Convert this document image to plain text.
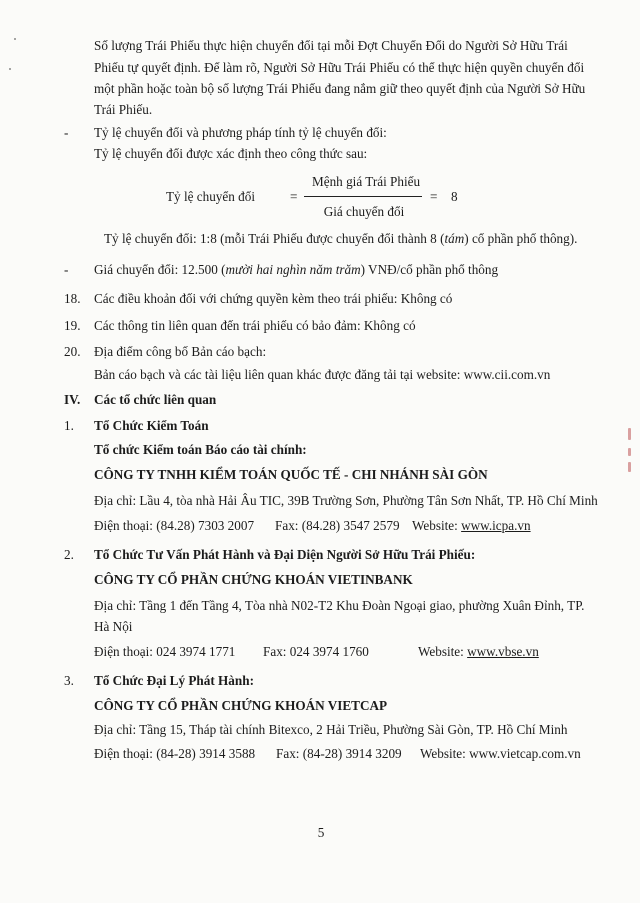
Số lượng Trái Phiếu thực hiện chuyển đổi tại mỗi Đợt Chuyển Đổi do Người Sở Hữu Trái
Phiếu tự quyết định. Để làm rõ, Người Sở Hữu Trái Phiếu có thể thực hiện quyền chuyển đổi
một phần hoặc toàn bộ số lượng Trái Phiếu đang nắm giữ theo quyết định của Người Sở Hữu
Trái Phiếu.
- Tỷ lệ chuyển đổi và phương pháp tính tỷ lệ chuyển đổi:
Tỷ lệ chuyển đổi được xác định theo công thức sau:
Tỷ lệ chuyển đổi	=
Mệnh giá Trái Phiếu
Giá chuyển đổi
= 8
Tỷ lệ chuyển đổi: 1:8 (mỗi Trái Phiếu được chuyển đổi thành 8 (tám) cổ phần phổ thông).
- Giá chuyển đổi: 12.500 (mười hai nghìn năm trăm) VNĐ/cổ phần phổ thông
18. Các điều khoản đối với chứng quyền kèm theo trái phiếu: Không có
19. Các thông tin liên quan đến trái phiếu có bảo đảm: Không có
20. Địa điểm công bố Bản cáo bạch:
Bản cáo bạch và các tài liệu liên quan khác được đăng tải tại website: www.cii.com.vn
IV. Các tổ chức liên quan
1. Tổ Chức Kiểm Toán
Tổ chức Kiểm toán Báo cáo tài chính:
CÔNG TY TNHH KIỂM TOÁN QUỐC TẾ - CHI NHÁNH SÀI GÒN
Địa chỉ: Lầu 4, tòa nhà Hải Âu TIC, 39B Trường Sơn, Phường Tân Sơn Nhất, TP. Hồ Chí Minh
Điện thoại: (84.28) 7303 2007 Fax: (84.28) 3547 2579 Website: www.icpa.vn
2. Tổ Chức Tư Vấn Phát Hành và Đại Diện Người Sở Hữu Trái Phiếu:
CÔNG TY CỔ PHẦN CHỨNG KHOÁN VIETINBANK
Địa chỉ: Tầng 1 đến Tầng 4, Tòa nhà N02-T2 Khu Đoàn Ngoại giao, phường Xuân Đỉnh, TP.
Hà Nội
Điện thoại: 024 3974 1771 Fax: 024 3974 1760	Website: www.vbse.vn
3. Tổ Chức Đại Lý Phát Hành:
CÔNG TY CỔ PHẦN CHỨNG KHOÁN VIETCAP
Địa chỉ: Tầng 15, Tháp tài chính Bitexco, 2 Hải Triều, Phường Sài Gòn, TP. Hồ Chí Minh
Điện thoại: (84-28) 3914 3588 Fax: (84-28) 3914 3209 Website: www.vietcap.com.vn
5
